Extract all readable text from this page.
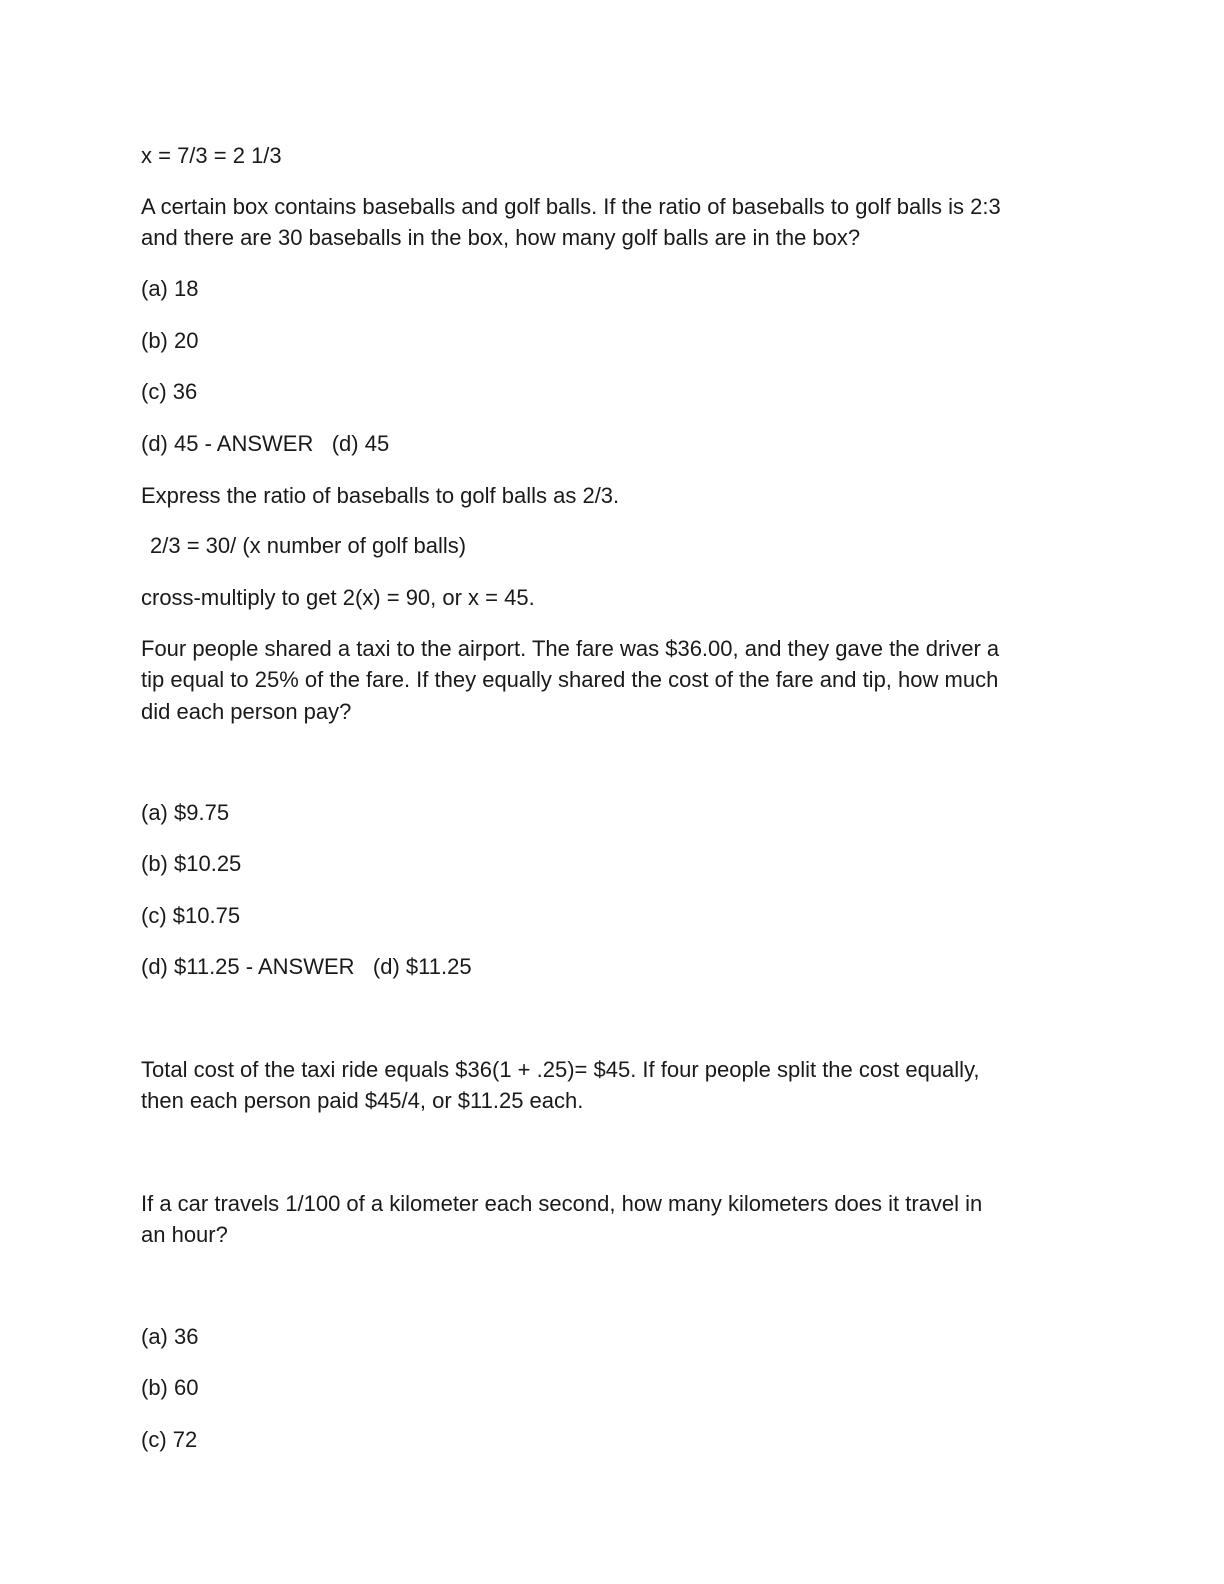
x = 7/3 = 2 1/3

A certain box contains baseballs and golf balls. If the ratio of baseballs to golf balls is 2:3

and there are 30 baseballs in the box, how many golf balls are in the box?

(a) 18

(b) 20

(c) 36

(d) 45 - ANSWER   (d) 45

Express the ratio of baseballs to golf balls as 2/3.

2/3 = 30/ (x number of golf balls)

cross-multiply to get 2(x) = 90, or x = 45.

Four people shared a taxi to the airport. The fare was $36.00, and they gave the driver a

tip equal to 25% of the fare. If they equally shared the cost of the fare and tip, how much

did each person pay?

(a) $9.75

(b) $10.25

(c) $10.75

(d) $11.25 - ANSWER   (d) $11.25

Total cost of the taxi ride equals $36(1 + .25)= $45. If four people split the cost equally,

then each person paid $45/4, or $11.25 each.

If a car travels 1/100 of a kilometer each second, how many kilometers does it travel in

an hour?

(a) 36

(b) 60

(c) 72
